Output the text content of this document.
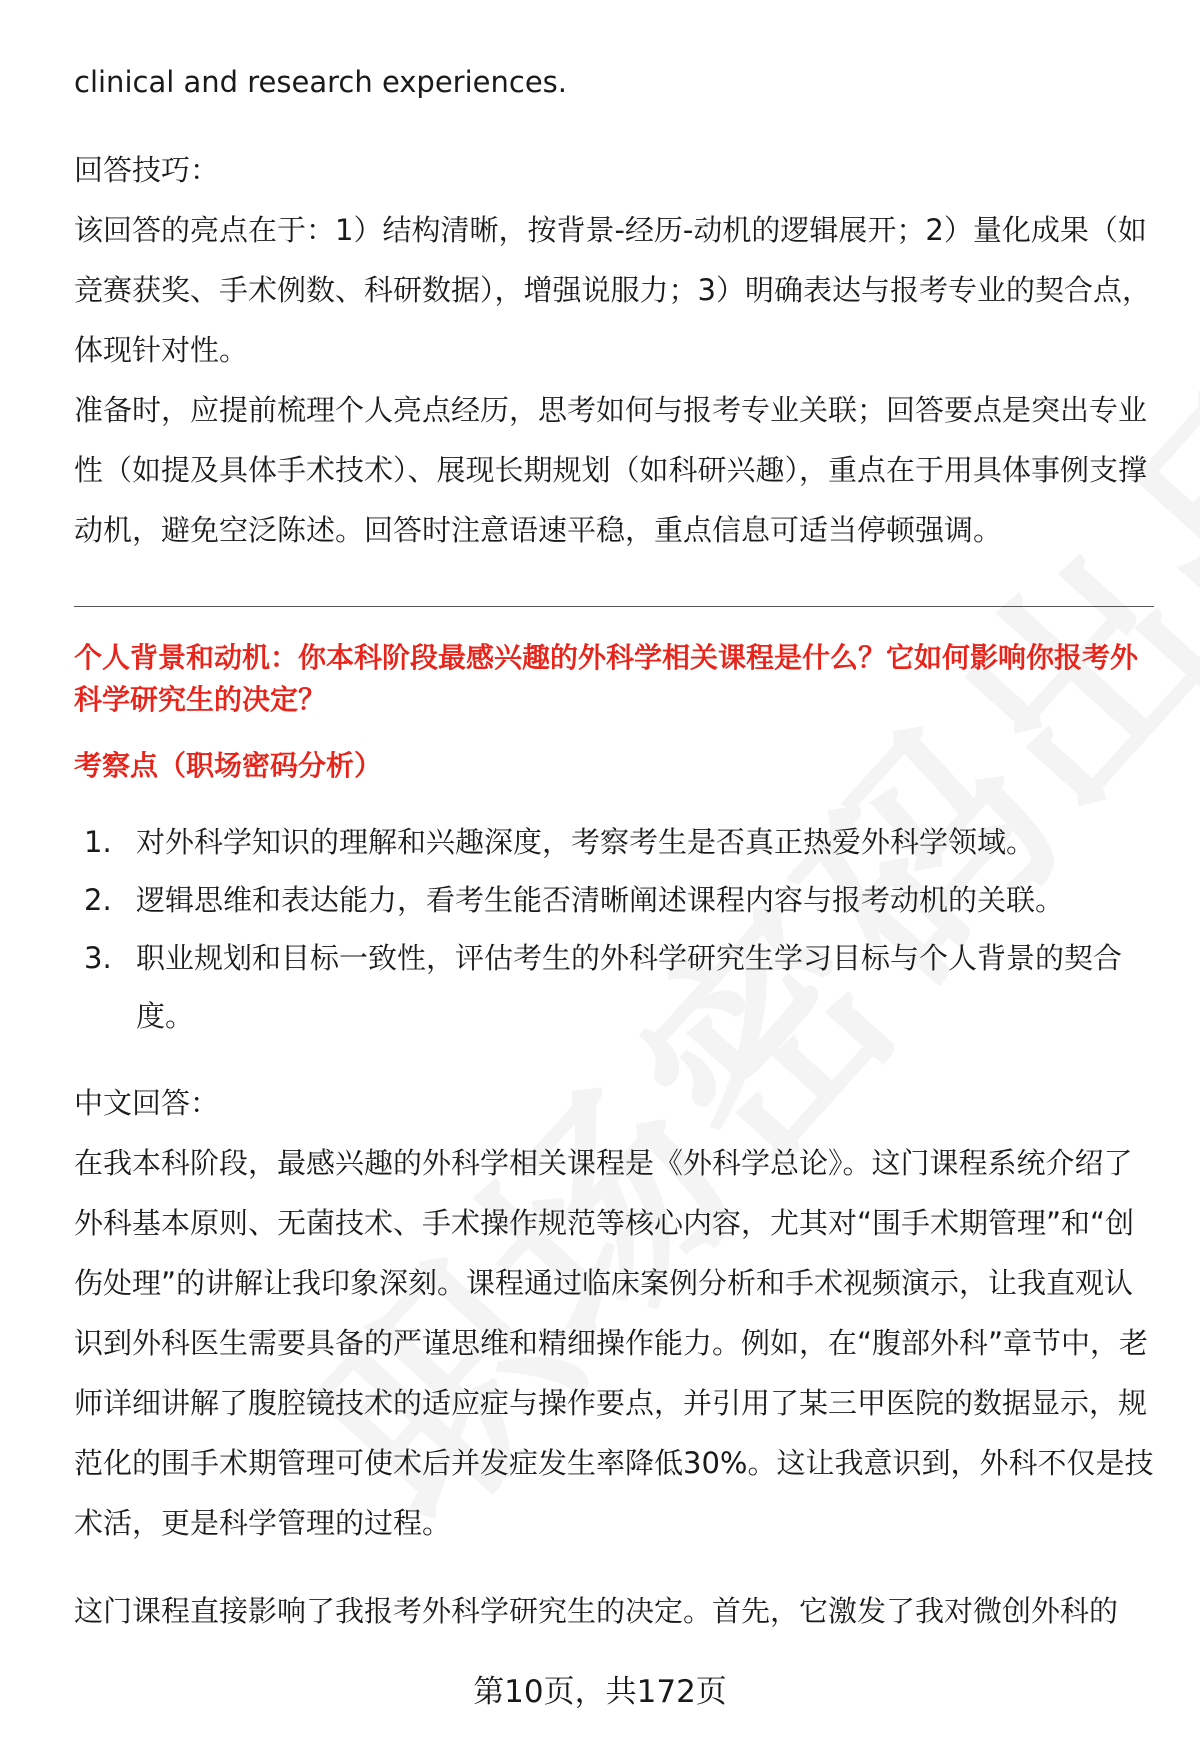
clinical and research experiences.

回答技巧：

该回答的亮点在于：1）结构清晰，按背景-经历-动机的逻辑展开；2）量化成果（如竞赛获奖、手术例数、科研数据），增强说服力；3）明确表达与报考专业的契合点，体现针对性。

准备时，应提前梳理个人亮点经历，思考如何与报考专业关联；回答要点是突出专业性（如提及具体手术技术）、展现长期规划（如科研兴趣），重点在于用具体事例支撑动机，避免空泛陈述。回答时注意语速平稳，重点信息可适当停顿强调。

个人背景和动机：你本科阶段最感兴趣的外科学相关课程是什么？它如何影响你报考外科学研究生的决定？

考察点（职场密码分析）

1. 对外科学知识的理解和兴趣深度，考察考生是否真正热爱外科学领域。
2. 逻辑思维和表达能力，看考生能否清晰阐述课程内容与报考动机的关联。
3. 职业规划和目标一致性，评估考生的外科学研究生学习目标与个人背景的契合度。

中文回答：

在我本科阶段，最感兴趣的外科学相关课程是《外科学总论》。这门课程系统介绍了外科基本原则、无菌技术、手术操作规范等核心内容，尤其对“围手术期管理”和“创伤处理”的讲解让我印象深刻。课程通过临床案例分析和手术视频演示，让我直观认识到外科医生需要具备的严谨思维和精细操作能力。例如，在“腹部外科”章节中，老师详细讲解了腹腔镜技术的适应症与操作要点，并引用了某三甲医院的数据显示，规范化的围手术期管理可使术后并发症发生率降低30%。这让我意识到，外科不仅是技术活，更是科学管理的过程。

这门课程直接影响了我报考外科学研究生的决定。首先，它激发了我对微创外科的

第10页，共172页
